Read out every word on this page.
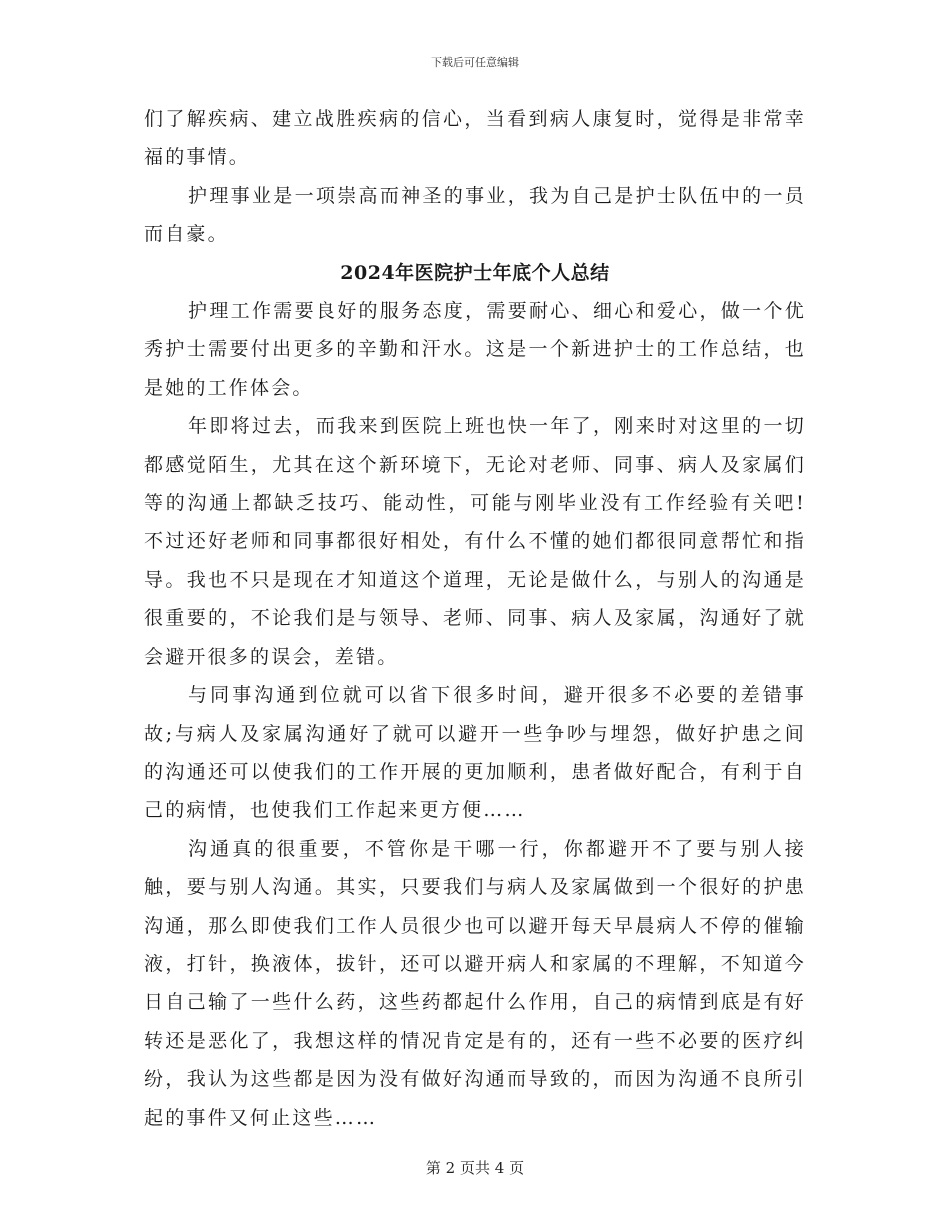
下载后可任意编辑

们了解疾病、建立战胜疾病的信心，当看到病人康复时，觉得是非常幸福的事情。

护理事业是一项崇高而神圣的事业，我为自己是护士队伍中的一员而自豪。

2024年医院护士年底个人总结

护理工作需要良好的服务态度，需要耐心、细心和爱心，做一个优秀护士需要付出更多的辛勤和汗水。这是一个新进护士的工作总结，也是她的工作体会。

年即将过去，而我来到医院上班也快一年了，刚来时对这里的一切都感觉陌生，尤其在这个新环境下，无论对老师、同事、病人及家属们等的沟通上都缺乏技巧、能动性，可能与刚毕业没有工作经验有关吧!不过还好老师和同事都很好相处，有什么不懂的她们都很同意帮忙和指导。我也不只是现在才知道这个道理，无论是做什么，与别人的沟通是很重要的，不论我们是与领导、老师、同事、病人及家属，沟通好了就会避开很多的误会，差错。

与同事沟通到位就可以省下很多时间，避开很多不必要的差错事故;与病人及家属沟通好了就可以避开一些争吵与埋怨，做好护患之间的沟通还可以使我们的工作开展的更加顺利，患者做好配合，有利于自己的病情，也使我们工作起来更方便……

沟通真的很重要，不管你是干哪一行，你都避开不了要与别人接触，要与别人沟通。其实，只要我们与病人及家属做到一个很好的护患沟通，那么即使我们工作人员很少也可以避开每天早晨病人不停的催输液，打针，换液体，拔针，还可以避开病人和家属的不理解，不知道今日自己输了一些什么药，这些药都起什么作用，自己的病情到底是有好转还是恶化了，我想这样的情况肯定是有的，还有一些不必要的医疗纠纷，我认为这些都是因为没有做好沟通而导致的，而因为沟通不良所引起的事件又何止这些……

第 2 页共 4 页
